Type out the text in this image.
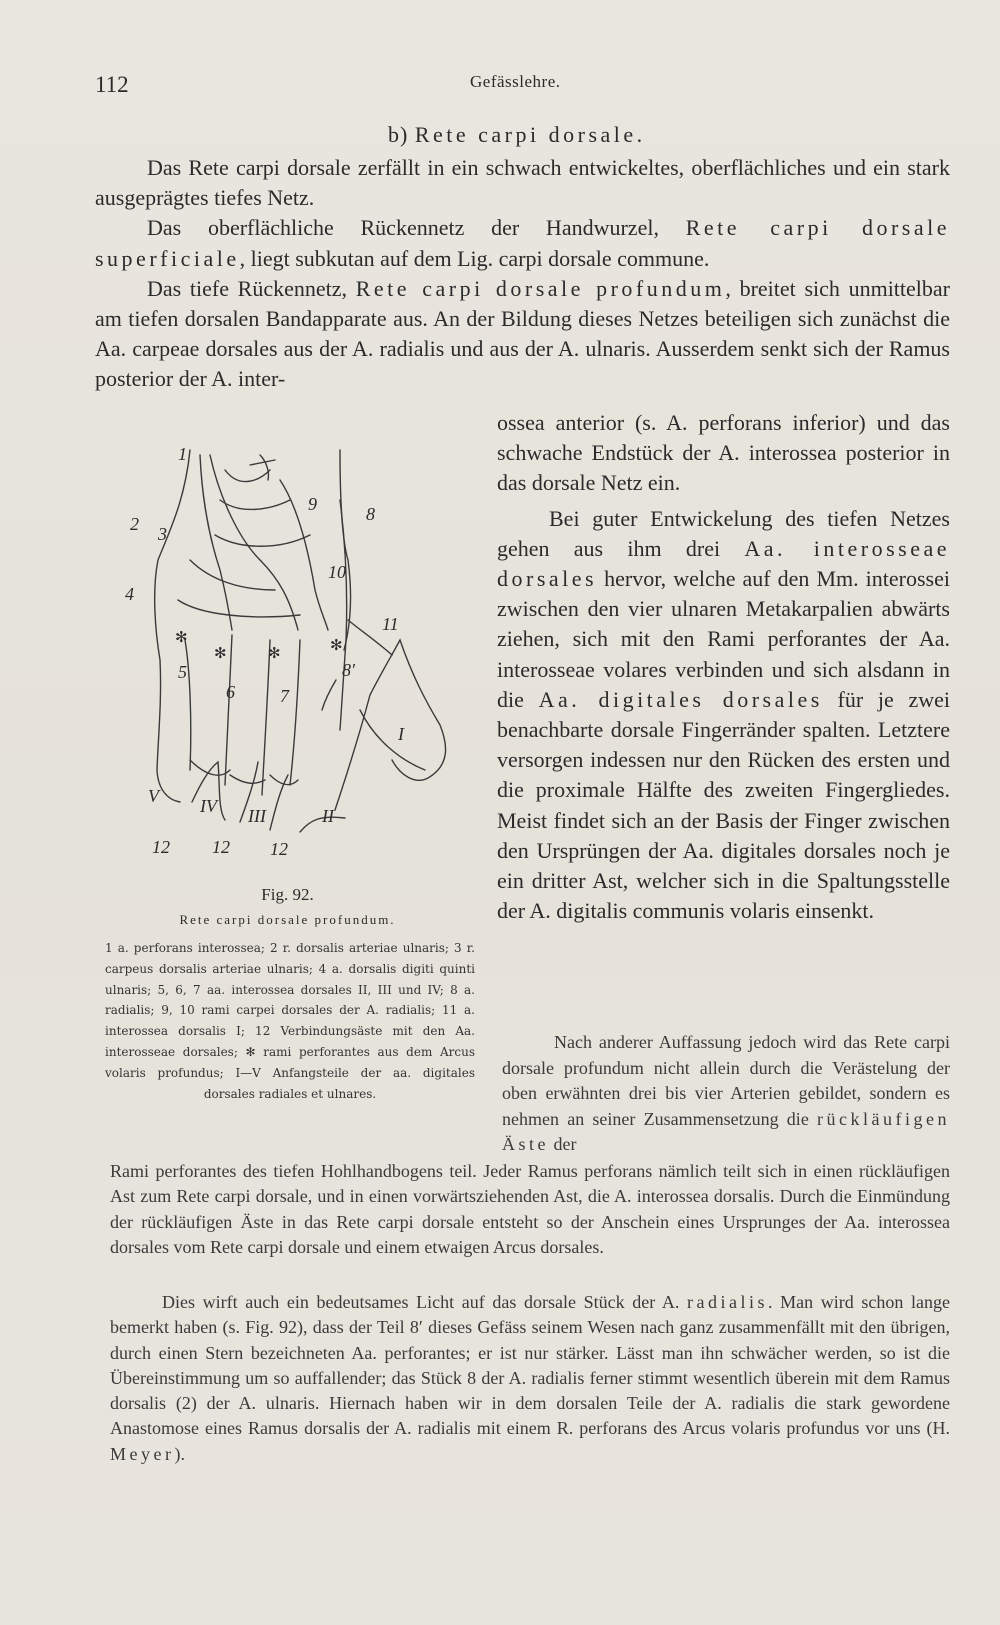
112	Gefässlehre.
b) Rete carpi dorsale.

Das Rete carpi dorsale zerfällt in ein schwach entwickeltes, oberflächliches und ein stark ausgeprägtes tiefes Netz.

Das oberflächliche Rückennetz der Handwurzel, Rete carpi dorsale superficiale, liegt subkutan auf dem Lig. carpi dorsale commune.

Das tiefe Rückennetz, Rete carpi dorsale profundum, breitet sich unmittelbar am tiefen dorsalen Bandapparate aus. An der Bildung dieses Netzes beteiligen sich zunächst die Aa. carpeae dorsales aus der A. radialis und aus der A. ulnaris. Ausserdem senkt sich der Ramus posterior der A. inter-

ossea anterior (s. A. perforans inferior) und das schwache Endstück der A. interossea posterior in das dorsale Netz ein.

Bei guter Entwickelung des tiefen Netzes gehen aus ihm drei Aa. interosseae dorsales hervor, welche auf den Mm. interossei zwischen den vier ulnaren Metakarpalien abwärts ziehen, sich mit den Rami perforantes der Aa. interosseae volares verbinden und sich alsdann in die Aa. digitales dorsales für je zwei benachbarte dorsale Fingerränder spalten. Letztere versorgen indessen nur den Rücken des ersten und die proximale Hälfte des zweiten Fingergliedes. Meist findet sich an der Basis der Finger zwischen den Ursprüngen der Aa. digitales dorsales noch je ein dritter Ast, welcher sich in die Spaltungsstelle der A. digitalis communis volaris einsenkt.

Nach anderer Auffassung jedoch wird das Rete carpi dorsale profundum nicht allein durch die Verästelung der oben erwähnten drei bis vier Arterien gebildet, sondern es nehmen an seiner Zusammensetzung die rückläufigen Äste der
Rami perforantes des tiefen Hohlhandbogens teil. Jeder Ramus perforans nämlich teilt sich in einen rückläufigen Ast zum Rete carpi dorsale, und in einen vorwärtsziehenden Ast, die A. interossea dorsalis. Durch die Einmündung der rückläufigen Äste in das Rete carpi dorsale entsteht so der Anschein eines Ursprunges der Aa. interossea dorsales vom Rete carpi dorsale und einem etwaigen Arcus dorsales.
Dies wirft auch ein bedeutsames Licht auf das dorsale Stück der A. radialis. Man wird schon lange bemerkt haben (s. Fig. 92), dass der Teil 8′ dieses Gefäss seinem Wesen nach ganz zusammenfällt mit den übrigen, durch einen Stern bezeichneten Aa. perforantes; er ist nur stärker. Lässt man ihn schwächer werden, so ist die Übereinstimmung um so auffallender; das Stück 8 der A. radialis ferner stimmt wesentlich überein mit dem Ramus dorsalis (2) der A. ulnaris. Hiernach haben wir in dem dorsalen Teile der A. radialis die stark gewordene Anastomose eines Ramus dorsalis der A. radialis mit einem R. perforans des Arcus volaris profundus vor uns (H. Meyer).
1
2 3
4
5
6	7
8
8′
9
10
11
12 12 12
I
II
III
IV
V
✻
✻	✻	✻
Fig. 92.
Rete carpi dorsale profundum.
1 a. perforans interossea; 2 r. dorsalis arteriae ulnaris; 3 r. carpeus dorsalis arteriae ulnaris; 4 a. dorsalis digiti quinti ulnaris; 5, 6, 7 aa. interossea dorsales II, III und IV; 8 a. radialis; 9, 10 rami carpei dorsales der A. radialis; 11 a. interossea dorsalis I; 12 Verbindungsäste mit den Aa. interosseae dorsales; ✻ rami perforantes aus dem Arcus volaris profundus; I—V Anfangsteile der aa. digitales dorsales radiales et ulnares.
